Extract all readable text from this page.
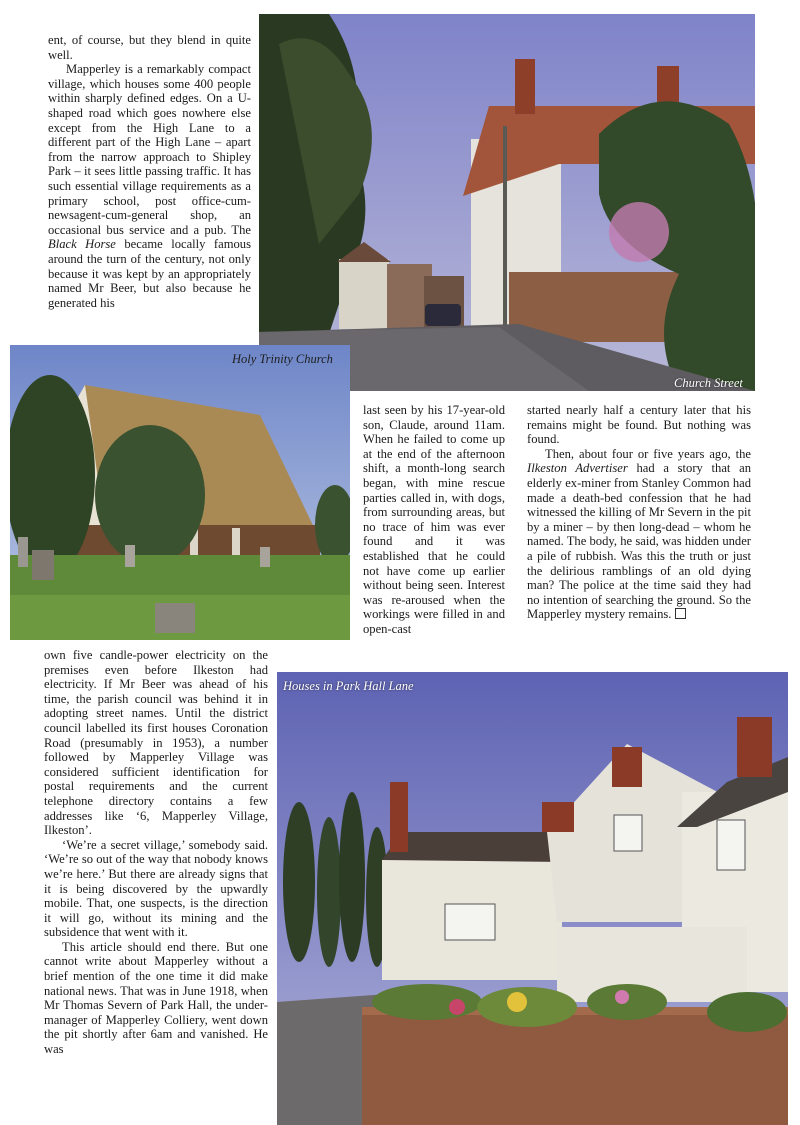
ent, of course, but they blend in quite well.

Mapperley is a remarkably compact village, which houses some 400 people within sharply defined edges. On a U-shaped road which goes nowhere else except from the High Lane to a different part of the High Lane – apart from the narrow approach to Shipley Park – it sees little passing traffic. It has such essential village requirements as a primary school, post office-cum-newsagent-cum-general shop, an occasional bus service and a pub. The Black Horse became locally famous around the turn of the century, not only because it was kept by an appropriately named Mr Beer, but also because he generated his

Church Street
Holy Trinity Church

last seen by his 17-year-old son, Claude, around 11am. When he failed to come up at the end of the afternoon shift, a month-long search began, with mine rescue parties called in, with dogs, from surrounding areas, but no trace of him was ever found and it was established that he could not have come up earlier without being seen. Interest was re-aroused when the workings were filled in and open-cast

started nearly half a century later that his remains might be found. But nothing was found.

Then, about four or five years ago, the Ilkeston Advertiser had a story that an elderly ex-miner from Stanley Common had made a death-bed confession that he had witnessed the killing of Mr Severn in the pit by a miner – by then long-dead – whom he named. The body, he said, was hidden under a pile of rubbish. Was this the truth or just the delirious ramblings of an old dying man? The police at the time said they had no intention of searching the ground. So the Mapperley mystery remains.

own five candle-power electricity on the premises even before Ilkeston had electricity. If Mr Beer was ahead of his time, the parish council was behind it in adopting street names. Until the district council labelled its first houses Coronation Road (presumably in 1953), a number followed by Mapperley Village was considered sufficient identification for postal requirements and the current telephone directory contains a few addresses like ‘6, Mapperley Village, Ilkeston’.

‘We’re a secret village,’ somebody said. ‘We’re so out of the way that nobody knows we’re here.’ But there are already signs that it is being discovered by the upwardly mobile. That, one suspects, is the direction it will go, without its mining and the subsidence that went with it.

This article should end there. But one cannot write about Mapperley without a brief mention of the one time it did make national news. That was in June 1918, when Mr Thomas Severn of Park Hall, the under-manager of Mapperley Colliery, went down the pit shortly after 6am and vanished. He was

Houses in Park Hall Lane
